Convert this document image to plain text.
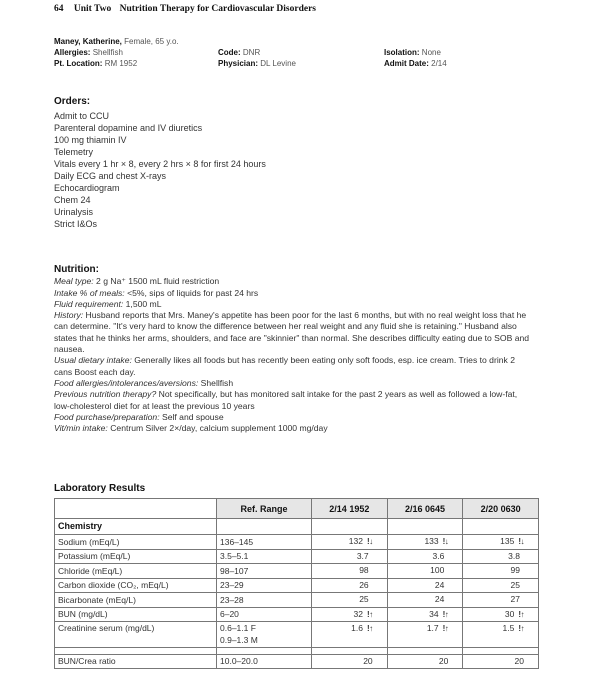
64 Unit Two Nutrition Therapy for Cardiovascular Disorders
Maney, Katherine, Female, 65 y.o.
Allergies: Shellfish	Code: DNR	Isolation: None
Pt. Location: RM 1952	Physician: DL Levine	Admit Date: 2/14
Orders:
Admit to CCU
Parenteral dopamine and IV diuretics
100 mg thiamin IV
Telemetry
Vitals every 1 hr × 8, every 2 hrs × 8 for first 24 hours
Daily ECG and chest X-rays
Echocardiogram
Chem 24
Urinalysis
Strict I&Os
Nutrition:

Meal type: 2 g Na⁺ 1500 mL fluid restriction

Intake % of meals: <5%, sips of liquids for past 24 hrs

Fluid requirement: 1,500 mL

History: Husband reports that Mrs. Maney's appetite has been poor for the last 6 months, but with no real weight loss that he can determine. "It's very hard to know the difference between her real weight and any fluid she is retaining." Husband also states that he thinks her arms, shoulders, and face are "skinnier" than normal. She describes difficulty eating due to SOB and nausea.

Usual dietary intake: Generally likes all foods but has recently been eating only soft foods, esp. ice cream. Tries to drink 2 cans Boost each day.

Food allergies/intolerances/aversions: Shellfish

Previous nutrition therapy? Not specifically, but has monitored salt intake for the past 2 years as well as followed a low-fat, low-cholesterol diet for at least the previous 10 years

Food purchase/preparation: Self and spouse

Vit/min intake: Centrum Silver 2×/day, calcium supplement 1000 mg/day

Laboratory Results
	Ref. Range	2/14 1952	2/16 0645	2/20 0630
Chemistry				
Sodium (mEq/L)	136–145	132 !↓	133 !↓	135 !↓
Potassium (mEq/L)	3.5–5.1	3.7	3.6	3.8
Chloride (mEq/L)	98–107	98	100	99
Carbon dioxide (CO₂, mEq/L)	23–29	26	24	25
Bicarbonate (mEq/L)	23–28	25	24	27
BUN (mg/dL)	6–20	32 !↑	34 !↑	30 !↑
Creatinine serum (mg/dL)	0.6–1.1 F
0.9–1.3 M	1.6 !↑	1.7 !↑	1.5 !↑

BUN/Crea ratio	10.0–20.0	20	20	20
